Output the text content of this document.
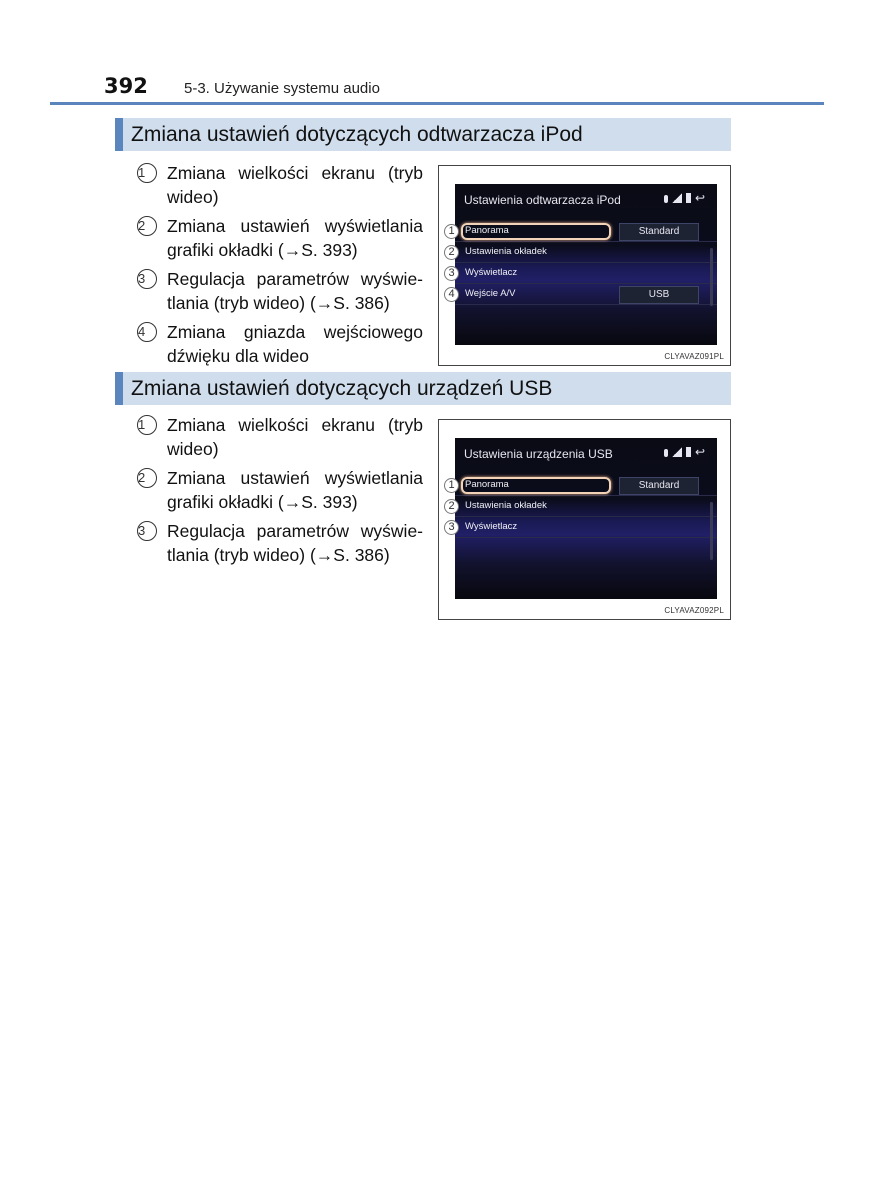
392 5-3. Używanie systemu audio
Zmiana ustawień dotyczących odtwarzacza iPod
1	Zmiana wielkości ekranu (tryb wideo)
2	Zmiana ustawień wyświetlania grafiki okładki (→S. 393)
3	Regulacja parametrów wyświe-tlania (tryb wideo) (→S. 386)
4	Zmiana gniazda wejściowego dźwięku dla wideo
Ustawienia odtwarzacza iPod	↩
Panorama	Standard
Ustawienia okładek
Wyświetlacz
Wejście A/V	USB
1
2
3
4
CLYAVAZ091PL
Zmiana ustawień dotyczących urządzeń USB
1	Zmiana wielkości ekranu (tryb wideo)
2	Zmiana ustawień wyświetlania grafiki okładki (→S. 393)
3	Regulacja parametrów wyświe-tlania (tryb wideo) (→S. 386)
Ustawienia urządzenia USB	↩
Panorama	Standard
Ustawienia okładek
Wyświetlacz
1
2
3
CLYAVAZ092PL
